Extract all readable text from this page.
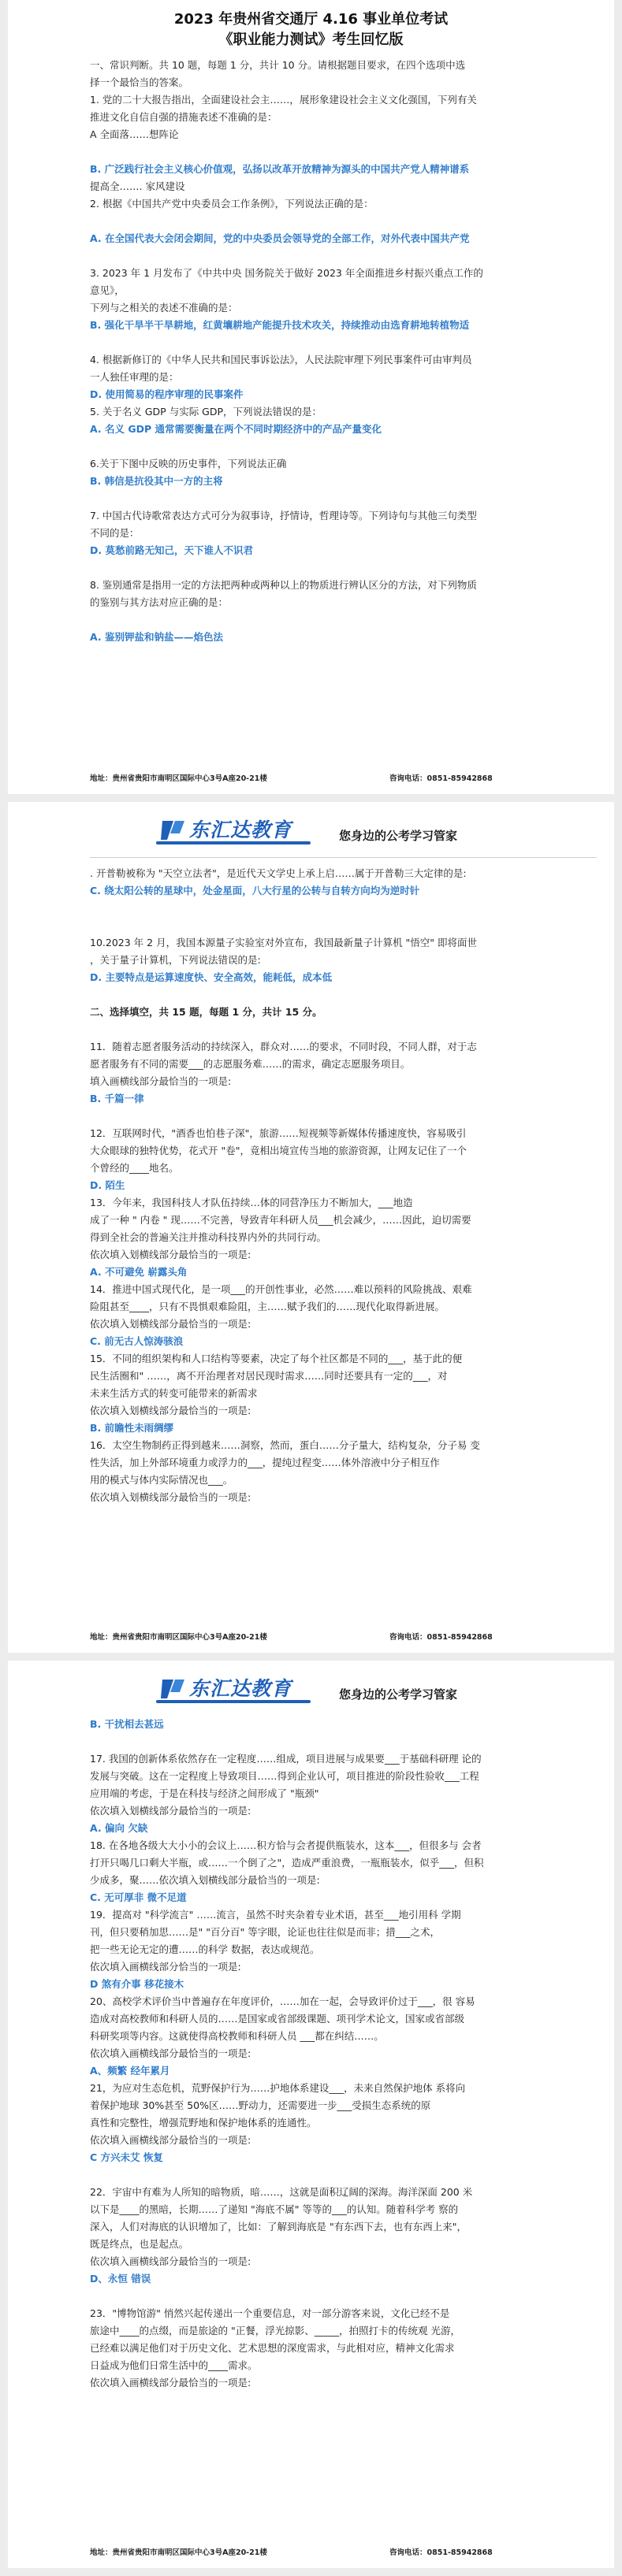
2023 年贵州省交通厅 4.16 事业单位考试
《职业能力测试》考生回忆版

一、常识判断。共 10 题，每题 1 分，共计 10 分。请根据题目要求，在四个选项中选

择一个最恰当的答案。

1. 党的二十大报告指出，全面建设社会主……，展形象建设社会主义文化强国，下列有关

推进文化自信自强的措施表述不准确的是：

A 全面落……想阵论

B. 广泛践行社会主义核心价值观，弘扬以改革开放精神为源头的中国共产党人精神谱系

提高全……. 家风建设

2. 根据《中国共产党中央委员会工作条例》，下列说法正确的是：

A. 在全国代表大会闭会期间，党的中央委员会领导党的全部工作，对外代表中国共产党

3. 2023 年 1 月发布了《中共中央 国务院关于做好 2023 年全面推进乡村振兴重点工作的

意见》，

下列与之相关的表述不准确的是：

B. 强化干旱半干旱耕地，红黄壤耕地产能提升技术攻关，持续推动由选育耕地转植物适

4. 根据新修订的《中华人民共和国民事诉讼法》，人民法院审理下列民事案件可由审判员

一人独任审理的是：

D. 使用简易的程序审理的民事案件

5. 关于名义 GDP 与实际 GDP，下列说法错误的是：

A. 名义 GDP 通常需要衡量在两个不同时期经济中的产品产量变化

6.关于下图中反映的历史事件，下列说法正确

B. 韩信是抗役其中一方的主将

7. 中国古代诗歌常表达方式可分为叙事诗，抒情诗，哲理诗等。下列诗句与其他三句类型

不同的是：

D. 莫愁前路无知己，天下谁人不识君

8. 鉴别通常是指用一定的方法把两种或两种以上的物质进行辨认区分的方法，对下列物质

的鉴别与其方法对应正确的是：

A. 鉴别钾盐和钠盐——焰色法

地址：贵州省贵阳市南明区国际中心3号A座20-21楼	咨询电话：0851-85942868
东汇达教育	您身边的公考学习管家

. 开普勒被称为 "天空立法者"，是近代天文学史上承上启……属于开普勒三大定律的是:

C. 绕太阳公转的星球中，处金星面，八大行星的公转与自转方向均为逆时针

10.2023 年 2 月，我国本源量子实验室对外宣布，我国最新量子计算机 "悟空" 即将面世

，关于量子计算机，下列说法错误的是:

D. 主要特点是运算速度快、安全高效，能耗低，成本低

二、选择填空，共 15 题，每题 1 分，共计 15 分。

11．随着志愿者服务活动的持续深入，群众对……的要求，不同时段，不同人群，对于志

愿者服务有不同的需要___的志愿服务难……的需求，确定志愿服务项目。

填入画横线部分最恰当的一项是:

B. 千篇一律

12．互联网时代，"酒香也怕巷子深"，旅游……短视频等新媒体传播速度快，容易吸引

大众眼球的独特优势，花式开 "卷"，竟相出境宣传当地的旅游资源，让网友记住了一个

个曾经的____地名。

D. 陌生

13．今年来，我国科技人才队伍持续…体的同营净压力不断加大，___地造

成了一种 " 内卷 " 现……不完善，导致青年科研人员___机会减少，……因此，迫切需要

得到全社会的普遍关注并推动科技界内外的共同行动。

依次填入划横线部分最恰当的一项是:

A. 不可避免 崭露头角

14．推进中国式现代化，是一项___的开创性事业，必然……难以预料的风险挑战、艰难

险阻甚至____，只有不畏惧艰难险阻，主……赋予我们的……现代化取得新进展。

依次填入划横线部分最恰当的一项是:

C. 前无古人惊涛骇浪

15．不同的组织架构和人口结构等要素，决定了每个社区都是不同的___，基于此的便

民生活圈和" ……，离不开治理者对居民现时需求……同时还要具有一定的___，对

未来生活方式的转变可能带来的新需求

依次填入划横线部分最恰当的一项是:

B. 前瞻性未雨绸缪

16．太空生物制药正得到越来……洞察，然而，蛋白……分子量大，结构复杂，分子易 变

性失活，加上外部环境重力或浮力的___，提纯过程变……体外溶液中分子相互作

用的模式与体内实际情况也___。

依次填入划横线部分最恰当的一项是:

地址：贵州省贵阳市南明区国际中心3号A座20-21楼	咨询电话：0851-85942868
东汇达教育	您身边的公考学习管家

B. 干扰相去甚远

17. 我国的创新体系依然存在一定程度……组成，项目进展与成果要___于基础科研理 论的

发展与突破。这在一定程度上导致项目……得到企业认可，项目推进的阶段性验收___工程

应用端的考虑，于是在科技与经济之间形成了 "瓶颈"

依次填入划横线部分最恰当的一项是:

A. 偏向 欠缺

18. 在各地各级大大小小的会议上……积方恰与会者提供瓶装水，这本___，但很多与 会者

打开只喝几口剩大半瓶，或……一个倒了之"，造成严重浪费，一瓶瓶装水，似乎___，但积

少成多，聚……依次填入划横线部分最恰当的一项是:

C. 无可厚非 微不足道

19．提高对 "科学流言" ……流言，虽然不时夹杂着专业术语，甚至___地引用科 学期

刊，但只要稍加思……是" "百分百" 等字眼，论证也往往似是而非；措___之术，

把一些无论无定的遭……的科学 数据，表达或规范。

依次填入画横线部分恰当的一项是:

D 煞有介事 移花接木

20、高校学术评价当中普遍存在年度评价，……加在一起，会导致评价过于___，很 容易

造成对高校教师和科研人员的……是国家或省部级课题、项刊学术论文，国家或省部级

科研奖项等内容。这就使得高校教师和科研人员 ___都在纠结……。

依次填入画横线部分最恰当的一项是:

A、频繁 经年累月

21，为应对生态危机，荒野保护行为……护地体系建设___，未来自然保护地体 系将向

着保护地球 30%甚至 50%区……野动力，还需要进一步___受损生态系统的原

真性和完整性，增强荒野地和保护地体系的连通性。

依次填入画横线部分最恰当的一项是:

C 方兴未艾 恢复

22．宇宙中有难为人所知的暗物质，暗……，这就是面积辽阔的深海。海洋深面 200 米

以下是____的黑暗，长期……了递知 "海底不属" 等等的___的认知。随着科学考 察的

深入，人们对海底的认识增加了，比如：了解到海底是 "有东西下去，也有东西上来"，

既是终点，也是起点。

依次填入画横线部分最恰当的一项是:

D、永恒 错误

23．"博物馆游" 悄然兴起传递出一个重要信息，对一部分游客来说，文化已经不是

旅途中____的点缀，而是旅途的 "正餐，浮光掠影、_____，拍照打卡的传统观 光游，

已经难以满足他们对于历史文化、艺术思想的深度需求，与此相对应，精神文化需求

日益成为他们日常生活中的____需求。

依次填入画横线部分最恰当的一项是:

地址：贵州省贵阳市南明区国际中心3号A座20-21楼	咨询电话：0851-85942868
